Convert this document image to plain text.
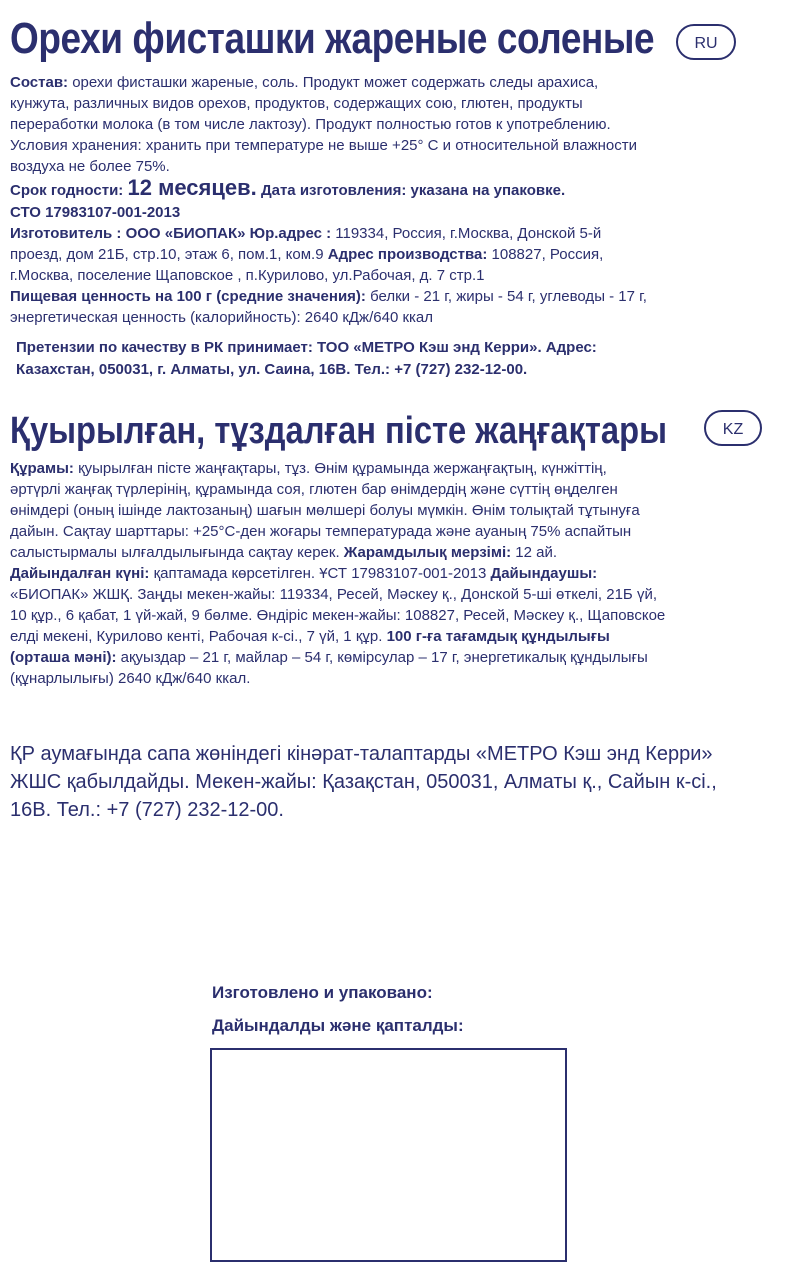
Орехи фисташки жареные соленые	RU
Состав: орехи фисташки жареные, соль. Продукт может содержать следы арахиса,
кунжута, различных видов орехов, продуктов, содержащих сою, глютен, продукты
переработки молока (в том числе лактозу). Продукт полностью готов к употреблению.
Условия хранения: хранить при температуре не выше +25° С и относительной влажности
воздуха не более 75%.
Срок годности: 12 месяцев. Дата изготовления: указана на упаковке.
СТО 17983107-001-2013
Изготовитель : ООО «БИОПАК» Юр.адрес : 119334, Россия, г.Москва, Донской 5-й
проезд, дом 21Б, стр.10, этаж 6, пом.1, ком.9 Адрес производства: 108827, Россия,
г.Москва, поселение Щаповское , п.Курилово, ул.Рабочая, д. 7 стр.1
Пищевая ценность на 100 г (средние значения): белки - 21 г, жиры - 54 г, углеводы - 17 г,
энергетическая ценность (калорийность): 2640 кДж/640 ккал
Претензии по качеству в РК принимает: ТОО «МЕТРО Кэш энд Керри». Адрес:
Казахстан, 050031, г. Алматы, ул. Саина, 16В. Тел.: +7 (727) 232-12-00.
Қуырылған, тұздалған пісте жаңғақтары	KZ
Құрамы: қуырылған пісте жаңғақтары, тұз. Өнім құрамында жержаңғақтың, күнжіттің,
әртүрлі жаңғақ түрлерінің, құрамында соя, глютен бар өнімдердің және сүттің өңделген
өнімдері (оның ішінде лактозаның) шағын мөлшері болуы мүмкін. Өнім толықтай тұтынуға
дайын. Сақтау шарттары: +25°C-ден жоғары температурада және ауаның 75% аспайтын
салыстырмалы ылғалдылығында сақтау керек. Жарамдылық мерзімі: 12 ай.
Дайындалған күні: қаптамада көрсетілген. ҰСТ 17983107-001-2013 Дайындаушы:
«БИОПАК» ЖШҚ. Заңды мекен-жайы: 119334, Ресей, Мәскеу қ., Донской 5-ші өткелі, 21Б үй,
10 құр., 6 қабат, 1 үй-жай, 9 бөлме. Өндіріс мекен-жайы: 108827, Ресей, Мәскеу қ., Щаповское
елді мекені, Курилово кенті, Рабочая к-сі., 7 үй, 1 құр. 100 г-ға тағамдық құндылығы
(орташа мәні): ақуыздар – 21 г, майлар – 54 г, көмірсулар – 17 г, энергетикалық құндылығы
(құнарлылығы) 2640 кДж/640 ккал.
ҚР аумағында сапа жөніндегі кінәрат-талаптарды «МЕТРО Кэш энд Керри»
ЖШС қабылдайды. Мекен-жайы: Қазақстан, 050031, Алматы қ., Сайын к-сі.,
16В. Тел.: +7 (727) 232-12-00.
Изготовлено и упаковано:
Дайындалды және қапталды:
